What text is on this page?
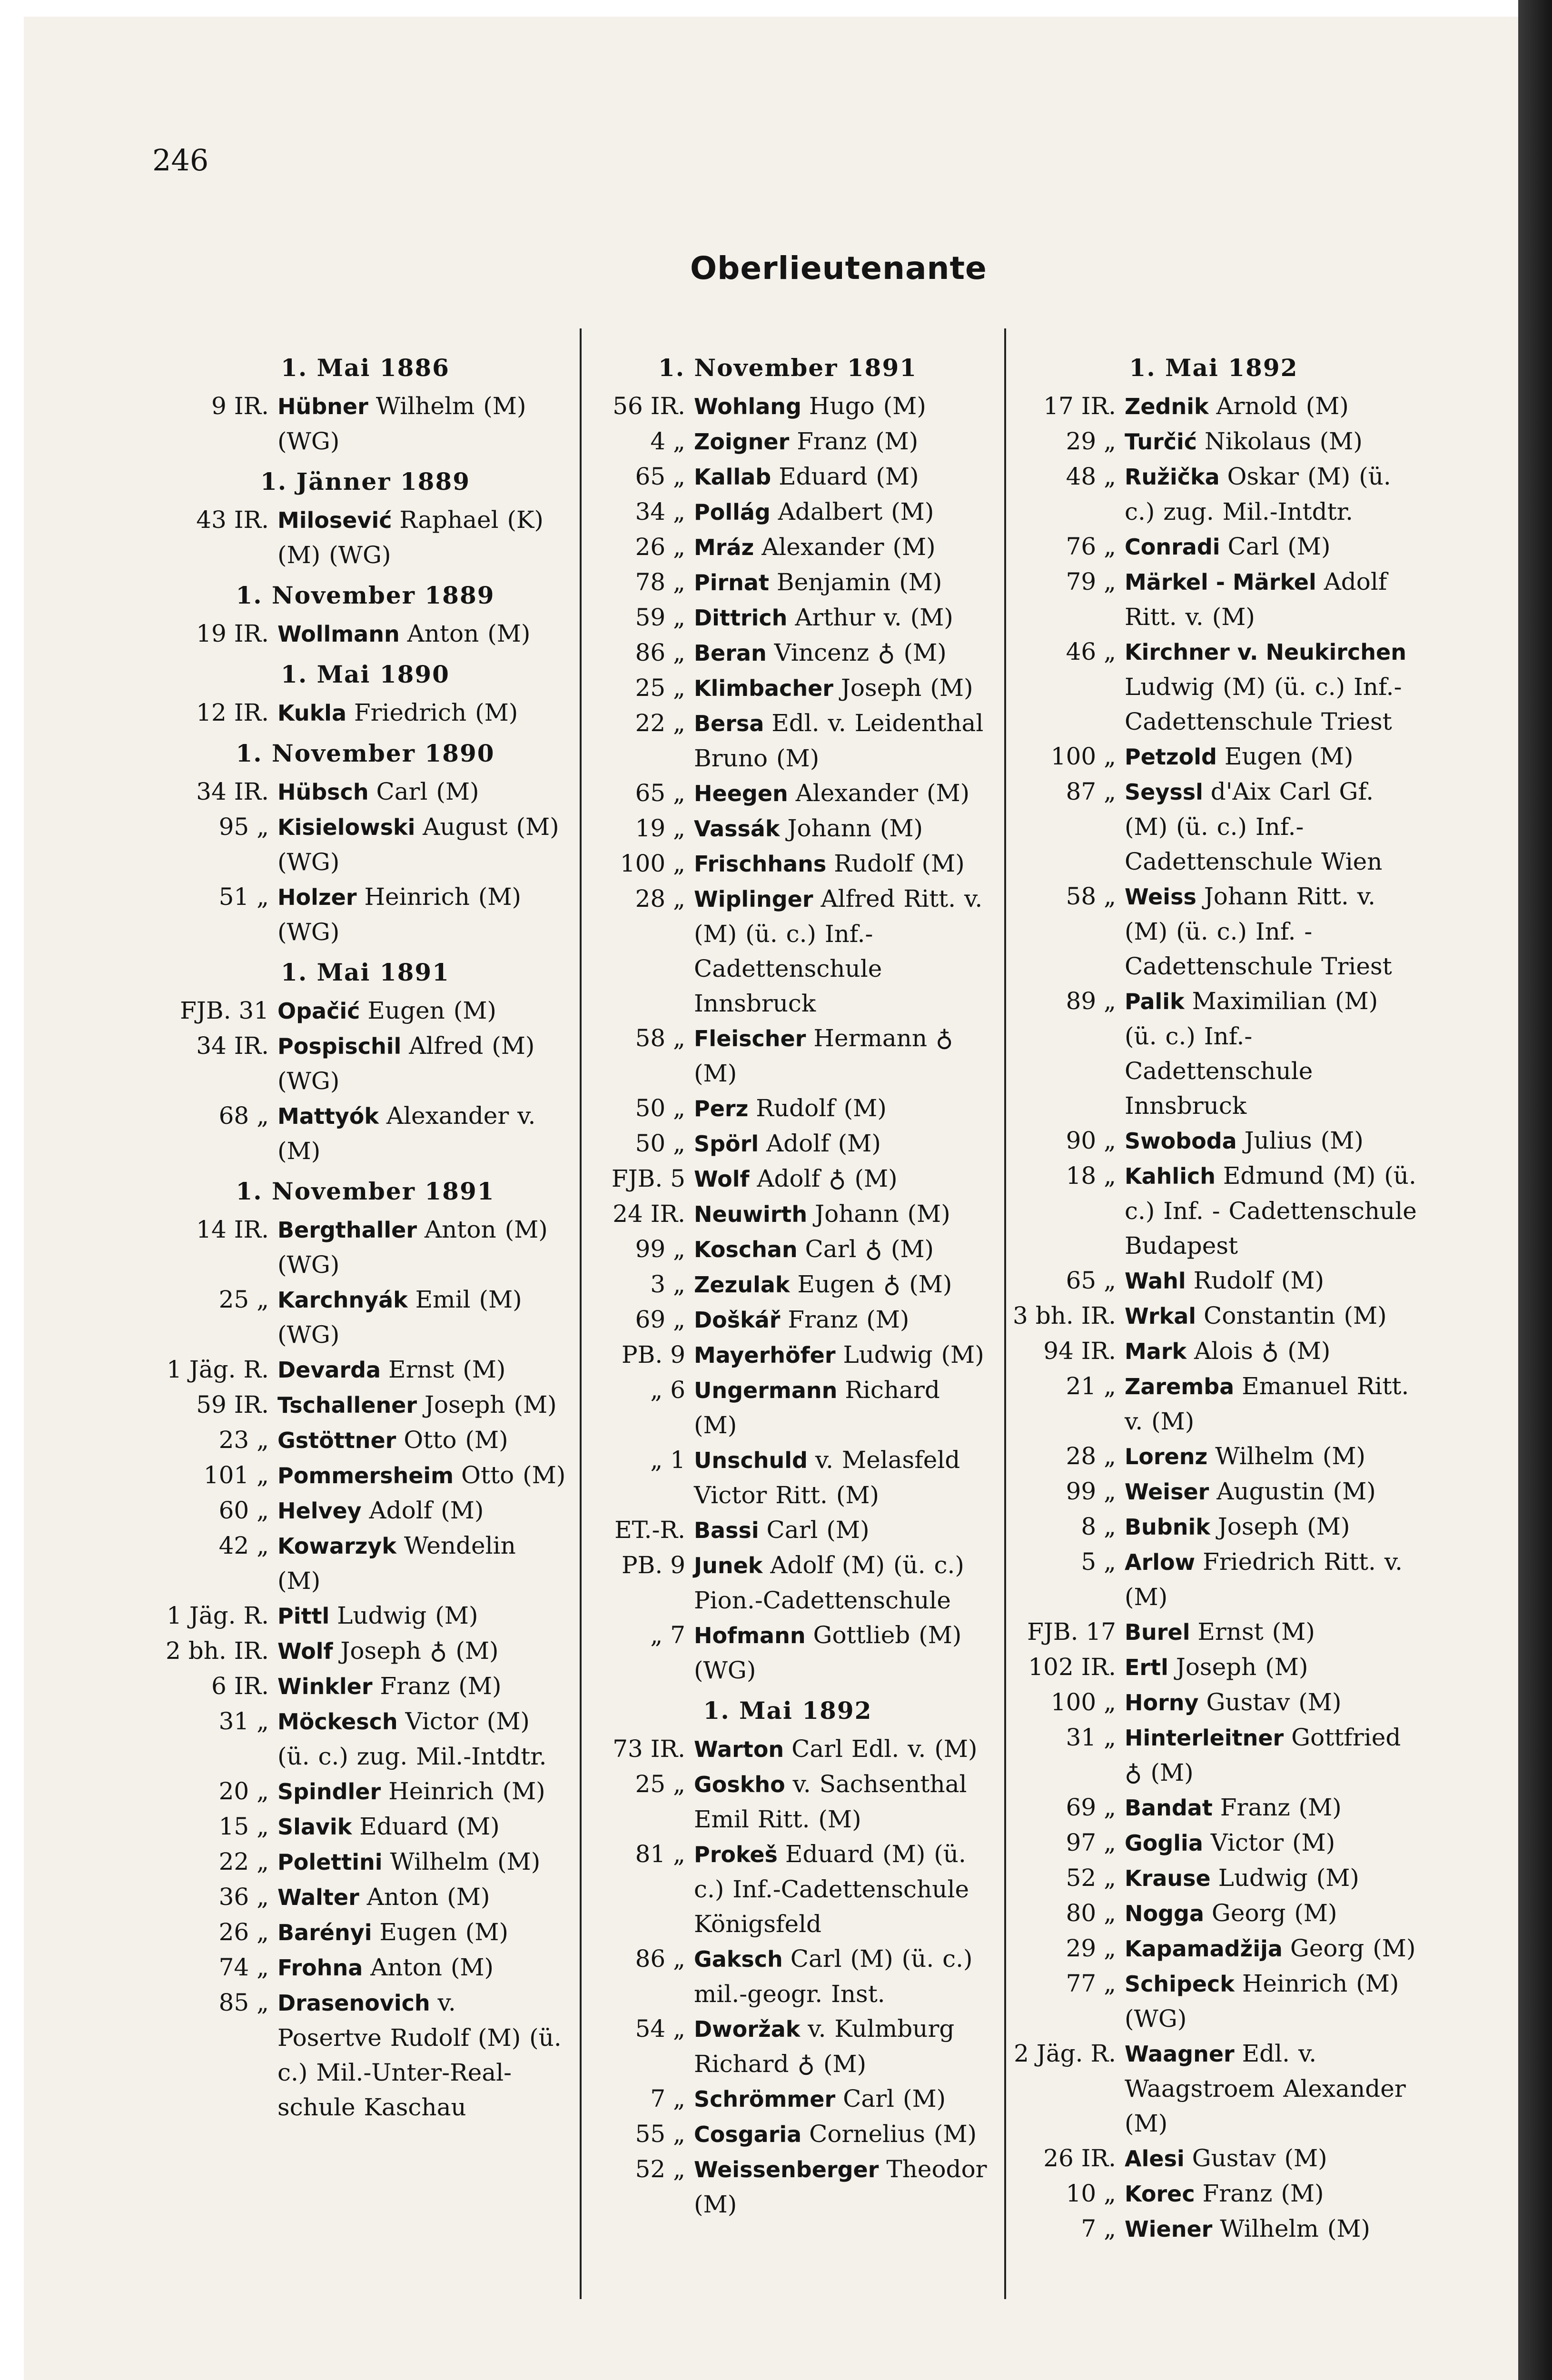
246
Oberlieutenante
1. Mai 1886
9 IR. Hübner Wilhelm (M) (WG)
1. Jänner 1889
43 IR. Milosević Raphael (K) (M) (WG)
1. November 1889
19 IR. Wollmann Anton (M)
1. Mai 1890
12 IR. Kukla Friedrich (M)
1. November 1890
34 IR. Hübsch Carl (M)
95 „ Kisielowski August (M) (WG)
51 „ Holzer Heinrich (M) (WG)
1. Mai 1891
FJB. 31 Opačić Eugen (M)
34 IR. Pospischil Alfred (M) (WG)
68 „ Mattyók Alexander v. (M)
1. November 1891
14 IR. Bergthaller Anton (M) (WG)
25 „ Karchnyák Emil (M) (WG)
1 Jäg. R. Devarda Ernst (M)
59 IR. Tschallener Joseph (M)
23 „ Gstöttner Otto (M)
101 „ Pommersheim Otto (M)
60 „ Helvey Adolf (M)
42 „ Kowarzyk Wendelin (M)
1 Jäg. R. Pittl Ludwig (M)
2 bh. IR. Wolf Joseph ♁ (M)
6 IR. Winkler Franz (M)
31 „ Möckesch Victor (M) (ü. c.) zug. Mil.-Intdtr.
20 „ Spindler Heinrich (M)
15 „ Slavik Eduard (M)
22 „ Polettini Wilhelm (M)
36 „ Walter Anton (M)
26 „ Barényi Eugen (M)
74 „ Frohna Anton (M)
85 „ Drasenovich v. Posertve Rudolf (M) (ü. c.) Mil.-Unter-Real-schule Kaschau
1. November 1891
56 IR. Wohlang Hugo (M)
4 „ Zoigner Franz (M)
65 „ Kallab Eduard (M)
34 „ Pollág Adalbert (M)
26 „ Mráz Alexander (M)
78 „ Pirnat Benjamin (M)
59 „ Dittrich Arthur v. (M)
86 „ Beran Vincenz ♁ (M)
25 „ Klimbacher Joseph (M)
22 „ Bersa Edl. v. Leidenthal Bruno (M)
65 „ Heegen Alexander (M)
19 „ Vassák Johann (M)
100 „ Frischhans Rudolf (M)
28 „ Wiplinger Alfred Ritt. v. (M) (ü. c.) Inf.-Cadettenschule Innsbruck
58 „ Fleischer Hermann ♁ (M)
50 „ Perz Rudolf (M)
50 „ Spörl Adolf (M)
FJB. 5 Wolf Adolf ♁ (M)
24 IR. Neuwirth Johann (M)
99 „ Koschan Carl ♁ (M)
3 „ Zezulak Eugen ♁ (M)
69 „ Doškář Franz (M)
PB. 9 Mayerhöfer Ludwig (M)
„ 6 Ungermann Richard (M)
„ 1 Unschuld v. Melasfeld Victor Ritt. (M)
ET.-R. Bassi Carl (M)
PB. 9 Junek Adolf (M) (ü. c.) Pion.-Cadettenschule
„ 7 Hofmann Gottlieb (M) (WG)
1. Mai 1892
73 IR. Warton Carl Edl. v. (M)
25 „ Goskho v. Sachsenthal Emil Ritt. (M)
81 „ Prokeš Eduard (M) (ü. c.) Inf.-Cadettenschule Königsfeld
86 „ Gaksch Carl (M) (ü. c.) mil.-geogr. Inst.
54 „ Dworžak v. Kulmburg Richard ♁ (M)
7 „ Schrömmer Carl (M)
55 „ Cosgaria Cornelius (M)
52 „ Weissenberger Theodor (M)
1. Mai 1892
17 IR. Zednik Arnold (M)
29 „ Turčić Nikolaus (M)
48 „ Ružička Oskar (M) (ü. c.) zug. Mil.-Intdtr.
76 „ Conradi Carl (M)
79 „ Märkel - Märkel Adolf Ritt. v. (M)
46 „ Kirchner v. Neukirchen Ludwig (M) (ü. c.) Inf.-Cadettenschule Triest
100 „ Petzold Eugen (M)
87 „ Seyssl d'Aix Carl Gf. (M) (ü. c.) Inf.-Cadettenschule Wien
58 „ Weiss Johann Ritt. v. (M) (ü. c.) Inf. - Cadettenschule Triest
89 „ Palik Maximilian (M) (ü. c.) Inf.-Cadettenschule Innsbruck
90 „ Swoboda Julius (M)
18 „ Kahlich Edmund (M) (ü. c.) Inf. - Cadettenschule Budapest
65 „ Wahl Rudolf (M)
3 bh. IR. Wrkal Constantin (M)
94 IR. Mark Alois ♁ (M)
21 „ Zaremba Emanuel Ritt. v. (M)
28 „ Lorenz Wilhelm (M)
99 „ Weiser Augustin (M)
8 „ Bubnik Joseph (M)
5 „ Arlow Friedrich Ritt. v. (M)
FJB. 17 Burel Ernst (M)
102 IR. Ertl Joseph (M)
100 „ Horny Gustav (M)
31 „ Hinterleitner Gottfried ♁ (M)
69 „ Bandat Franz (M)
97 „ Goglia Victor (M)
52 „ Krause Ludwig (M)
80 „ Nogga Georg (M)
29 „ Kapamadžija Georg (M)
77 „ Schipeck Heinrich (M) (WG)
2 Jäg. R. Waagner Edl. v. Waagstroem Alexander (M)
26 IR. Alesi Gustav (M)
10 „ Korec Franz (M)
7 „ Wiener Wilhelm (M)
